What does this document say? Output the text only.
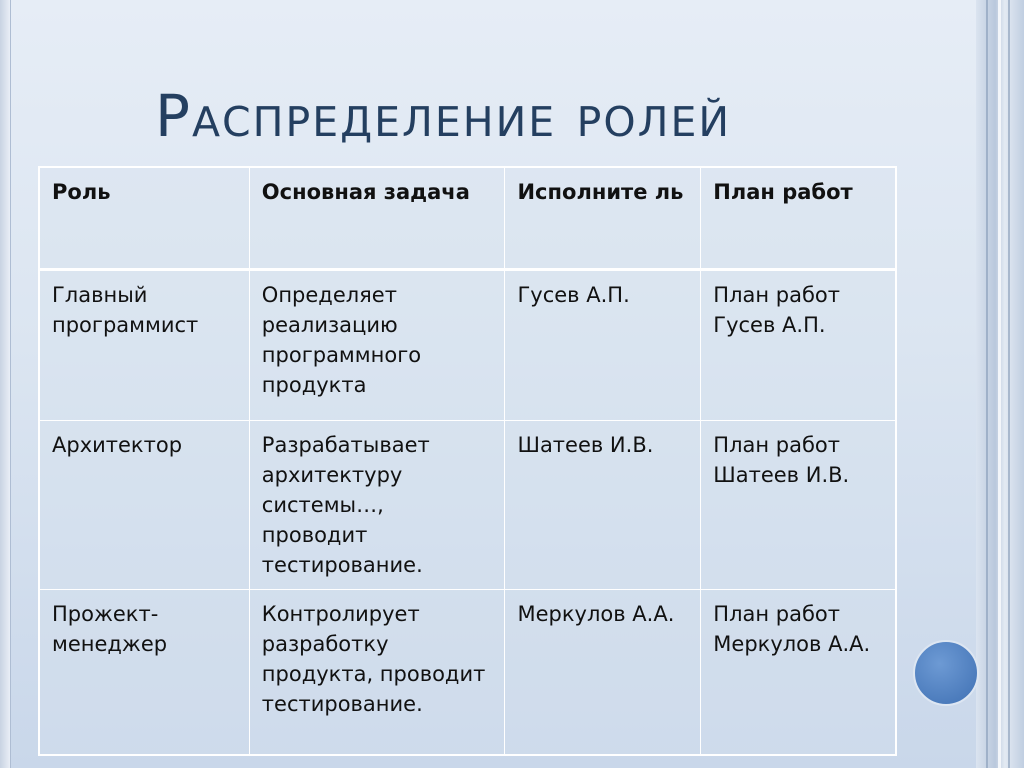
Распределение ролей
Роль	Основная задача	Исполните ль	План работ
Главный программист	Определяет реализацию программного продукта	Гусев А.П.	План работ Гусев А.П.
Архитектор	Разрабатывает архитектуру системы…, проводит тестирование.	Шатеев И.В.	План работ Шатеев И.В.
Прожект-менеджер	Контролирует разработку продукта, проводит тестирование.	Меркулов А.А.	План работ Меркулов А.А.
